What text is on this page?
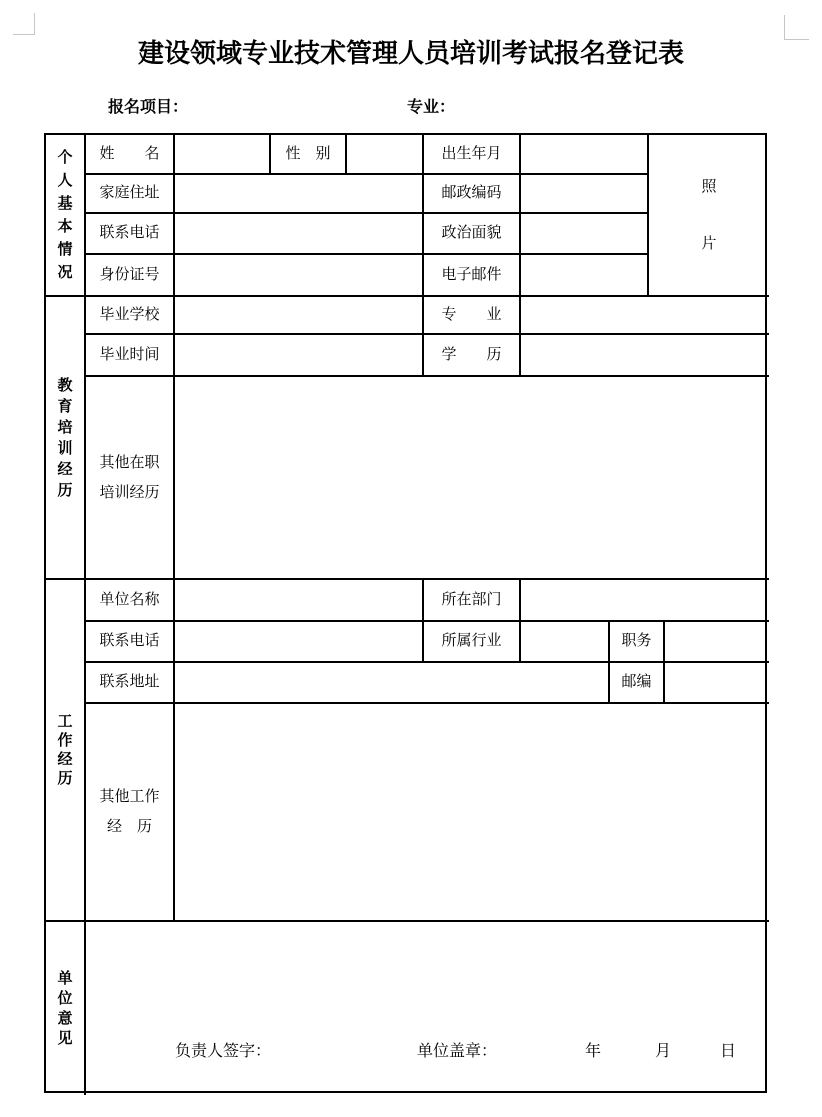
建设领域专业技术管理人员培训考试报名登记表
报名项目：	专业：
个人基本情况
姓　　名	性　别	出生年月
照片
家庭住址	邮政编码
联系电话	政治面貌
身份证号	电子邮件
教育培训经历
毕业学校	专　　业
毕业时间	学　　历
其他在职
培训经历
工作经历
单位名称	所在部门
联系电话	所属行业	职务
联系地址	邮编
其他工作
经　历
单位意见
负责人签字：	单位盖章：	年	月	日
